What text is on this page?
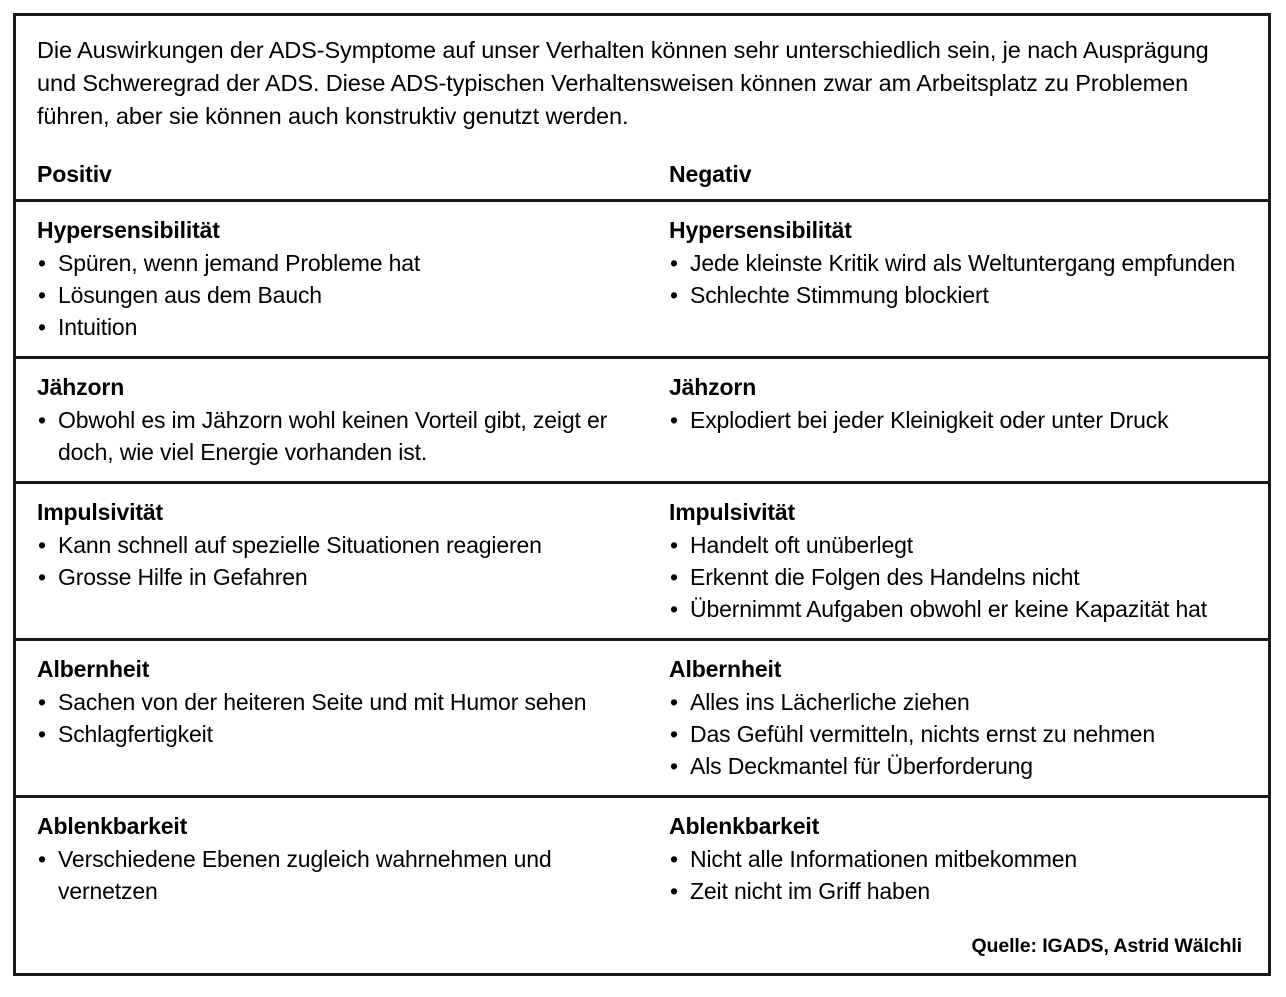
Die Auswirkungen der ADS-Symptome auf unser Verhalten können sehr unterschiedlich sein, je nach Ausprägung und Schweregrad der ADS. Diese ADS-typischen Verhaltensweisen können zwar am Arbeitsplatz zu Problemen führen, aber sie können auch konstruktiv genutzt werden.

Positiv	Negativ
Hypersensibilität
• Spüren, wenn jemand Probleme hat
• Lösungen aus dem Bauch
• Intuition
Hypersensibilität
• Jede kleinste Kritik wird als Weltuntergang empfunden
• Schlechte Stimmung blockiert
Jähzorn
• Obwohl es im Jähzorn wohl keinen Vorteil gibt, zeigt er doch, wie viel Energie vorhanden ist.
Jähzorn
• Explodiert bei jeder Kleinigkeit oder unter Druck
Impulsivität
• Kann schnell auf spezielle Situationen reagieren
• Grosse Hilfe in Gefahren
Impulsivität
• Handelt oft unüberlegt
• Erkennt die Folgen des Handelns nicht
• Übernimmt Aufgaben obwohl er keine Kapazität hat
Albernheit
• Sachen von der heiteren Seite und mit Humor sehen
• Schlagfertigkeit
Albernheit
• Alles ins Lächerliche ziehen
• Das Gefühl vermitteln, nichts ernst zu nehmen
• Als Deckmantel für Überforderung
Ablenkbarkeit
• Verschiedene Ebenen zugleich wahrnehmen und vernetzen
Ablenkbarkeit
• Nicht alle Informationen mitbekommen
• Zeit nicht im Griff haben
Quelle: IGADS, Astrid Wälchli
